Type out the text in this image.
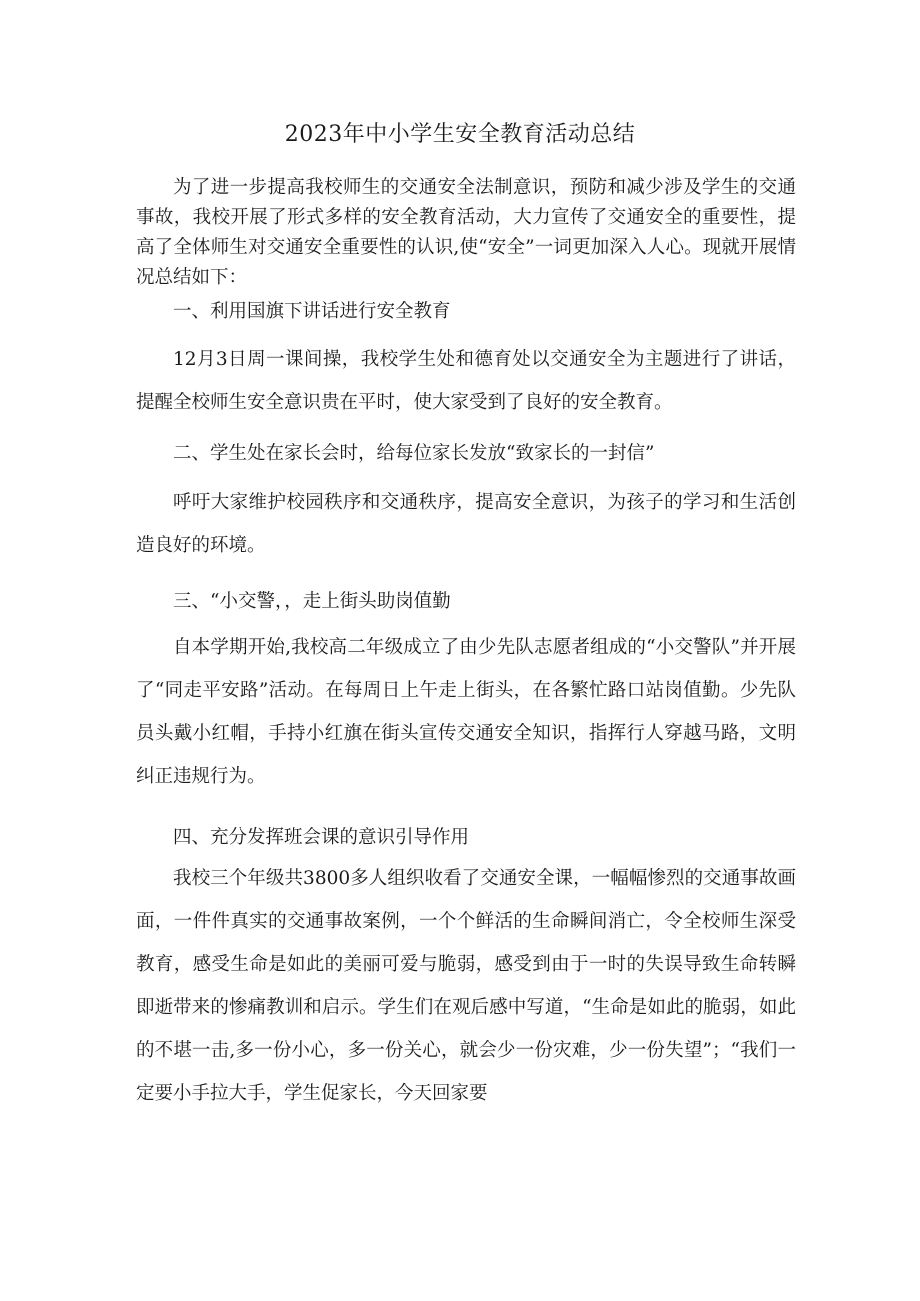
2023年中小学生安全教育活动总结

为了进一步提高我校师生的交通安全法制意识，预防和减少涉及学生的交通事故，我校开展了形式多样的安全教育活动，大力宣传了交通安全的重要性，提高了全体师生对交通安全重要性的认识,使“安全”一词更加深入人心。现就开展情况总结如下：

一、利用国旗下讲话进行安全教育

12月3日周一课间操，我校学生处和德育处以交通安全为主题进行了讲话，提醒全校师生安全意识贵在平时，使大家受到了良好的安全教育。

二、学生处在家长会时，给每位家长发放“致家长的一封信”

呼吁大家维护校园秩序和交通秩序，提高安全意识，为孩子的学习和生活创造良好的环境。

三、“小交警，，走上街头助岗值勤

自本学期开始,我校高二年级成立了由少先队志愿者组成的“小交警队”并开展了“同走平安路”活动。在每周日上午走上街头，在各繁忙路口站岗值勤。少先队员头戴小红帽，手持小红旗在街头宣传交通安全知识，指挥行人穿越马路，文明纠正违规行为。

四、充分发挥班会课的意识引导作用

我校三个年级共3800多人组织收看了交通安全课，一幅幅惨烈的交通事故画面，一件件真实的交通事故案例，一个个鲜活的生命瞬间消亡，令全校师生深受教育，感受生命是如此的美丽可爱与脆弱，感受到由于一时的失误导致生命转瞬即逝带来的惨痛教训和启示。学生们在观后感中写道，“生命是如此的脆弱，如此的不堪一击,多一份小心，多一份关心，就会少一份灾难，少一份失望”；“我们一定要小手拉大手，学生促家长，今天回家要
